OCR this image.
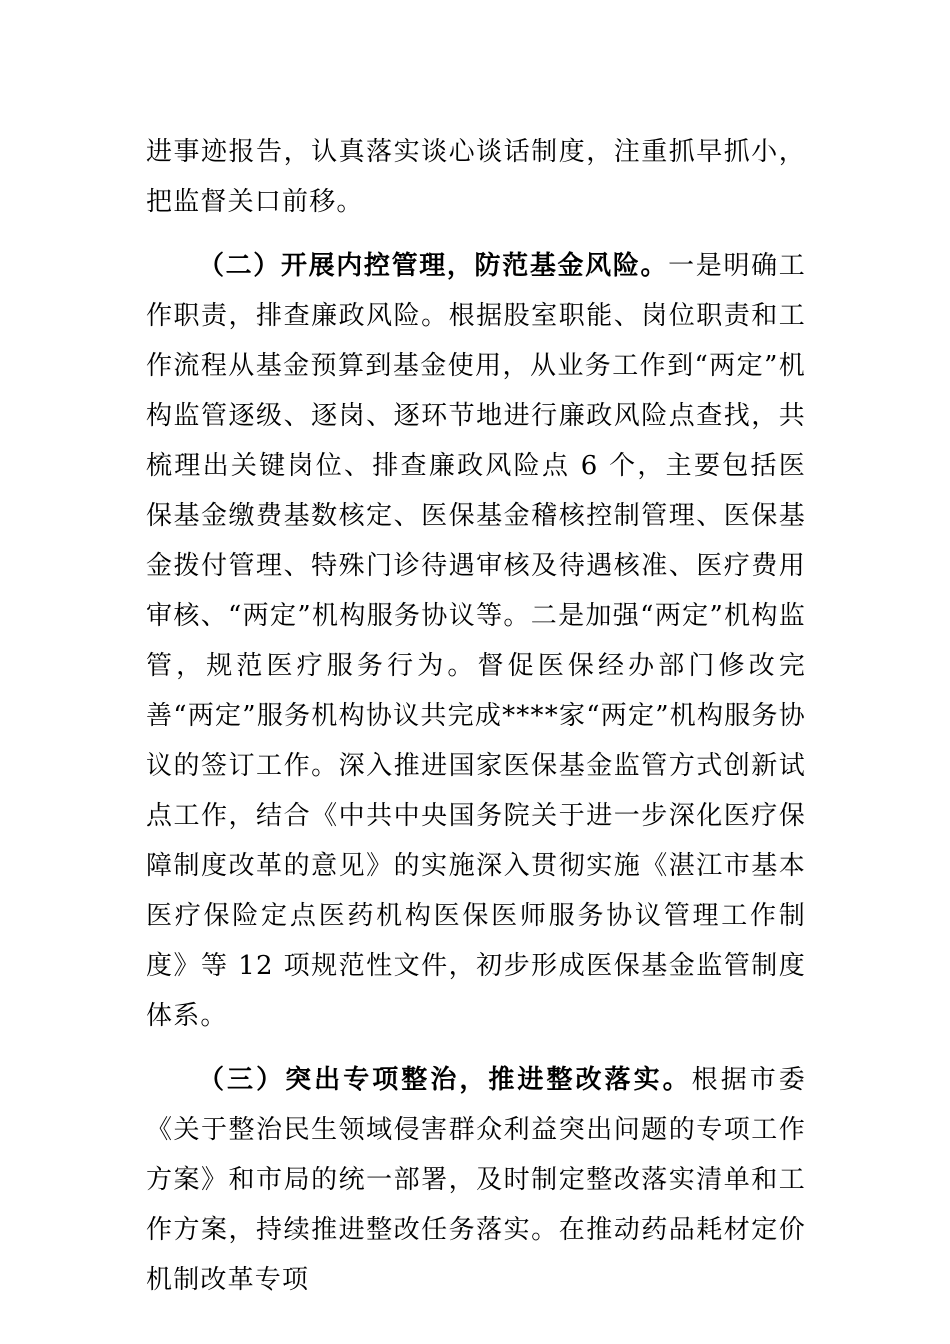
进事迹报告，认真落实谈心谈话制度，注重抓早抓小，把监督关口前移。

（二）开展内控管理，防范基金风险。一是明确工作职责，排查廉政风险。根据股室职能、岗位职责和工作流程从基金预算到基金使用，从业务工作到“两定”机构监管逐级、逐岗、逐环节地进行廉政风险点查找，共梳理出关键岗位、排查廉政风险点 6 个，主要包括医保基金缴费基数核定、医保基金稽核控制管理、医保基金拨付管理、特殊门诊待遇审核及待遇核准、医疗费用审核、“两定”机构服务协议等。二是加强“两定”机构监管，规范医疗服务行为。督促医保经办部门修改完善“两定”服务机构协议共完成****家“两定”机构服务协议的签订工作。深入推进国家医保基金监管方式创新试点工作，结合《中共中央国务院关于进一步深化医疗保障制度改革的意见》的实施深入贯彻实施《湛江市基本医疗保险定点医药机构医保医师服务协议管理工作制度》等 12 项规范性文件，初步形成医保基金监管制度体系。

（三）突出专项整治，推进整改落实。根据市委《关于整治民生领域侵害群众利益突出问题的专项工作方案》和市局的统一部署，及时制定整改落实清单和工作方案，持续推进整改任务落实。在推动药品耗材定价机制改革专项
